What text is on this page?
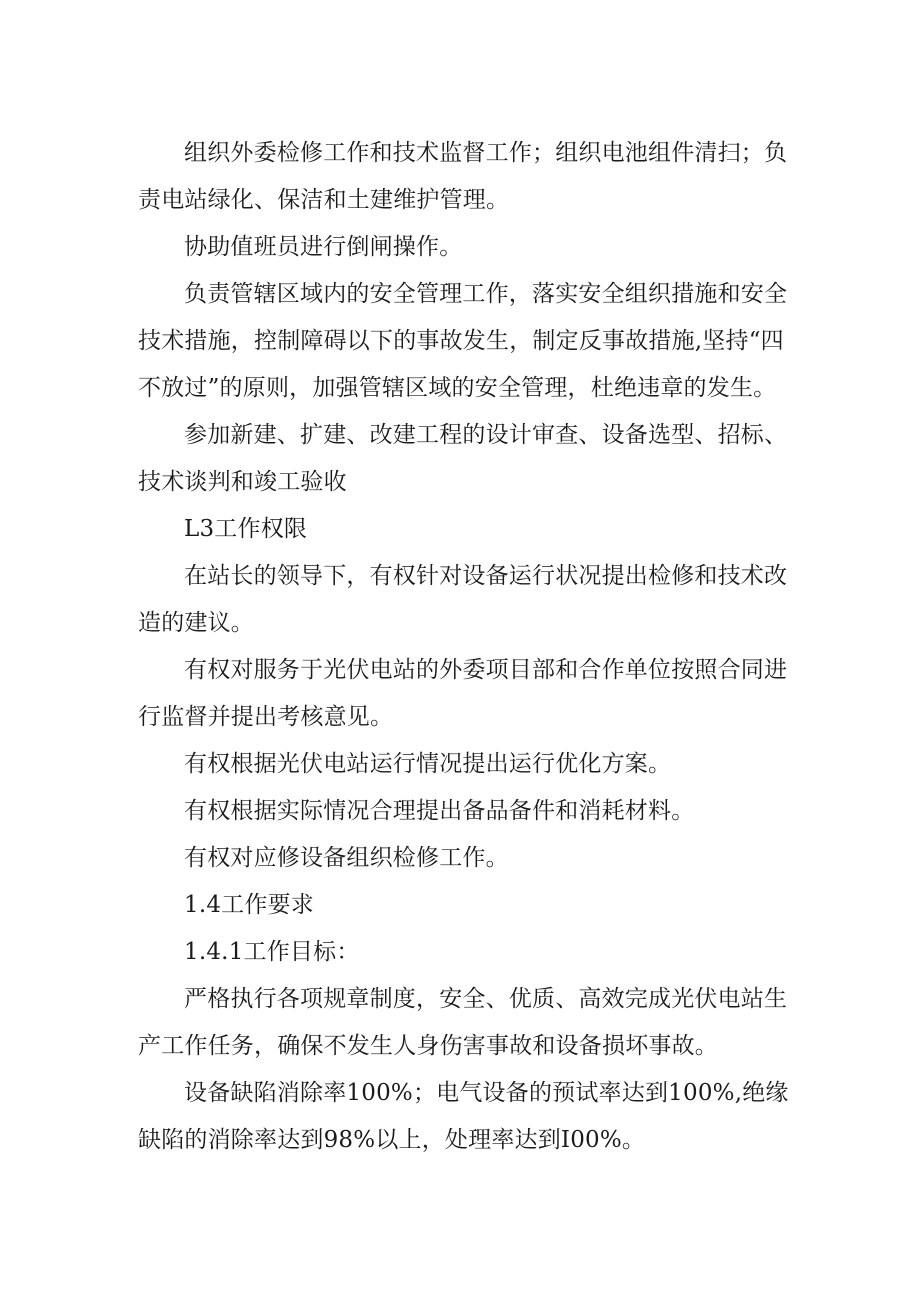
组织外委检修工作和技术监督工作；组织电池组件清扫；负责电站绿化、保洁和土建维护管理。

协助值班员进行倒闸操作。

负责管辖区域内的安全管理工作，落实安全组织措施和安全技术措施，控制障碍以下的事故发生，制定反事故措施,坚持“四不放过”的原则，加强管辖区域的安全管理，杜绝违章的发生。

参加新建、扩建、改建工程的设计审查、设备选型、招标、技术谈判和竣工验收

L3工作权限

在站长的领导下，有权针对设备运行状况提出检修和技术改造的建议。

有权对服务于光伏电站的外委项目部和合作单位按照合同进行监督并提出考核意见。

有权根据光伏电站运行情况提出运行优化方案。

有权根据实际情况合理提出备品备件和消耗材料。

有权对应修设备组织检修工作。

1.4工作要求

1.4.1工作目标：

严格执行各项规章制度，安全、优质、高效完成光伏电站生产工作任务，确保不发生人身伤害事故和设备损坏事故。

设备缺陷消除率100%；电气设备的预试率达到100%,绝缘缺陷的消除率达到98%以上，处理率达到I00%。
